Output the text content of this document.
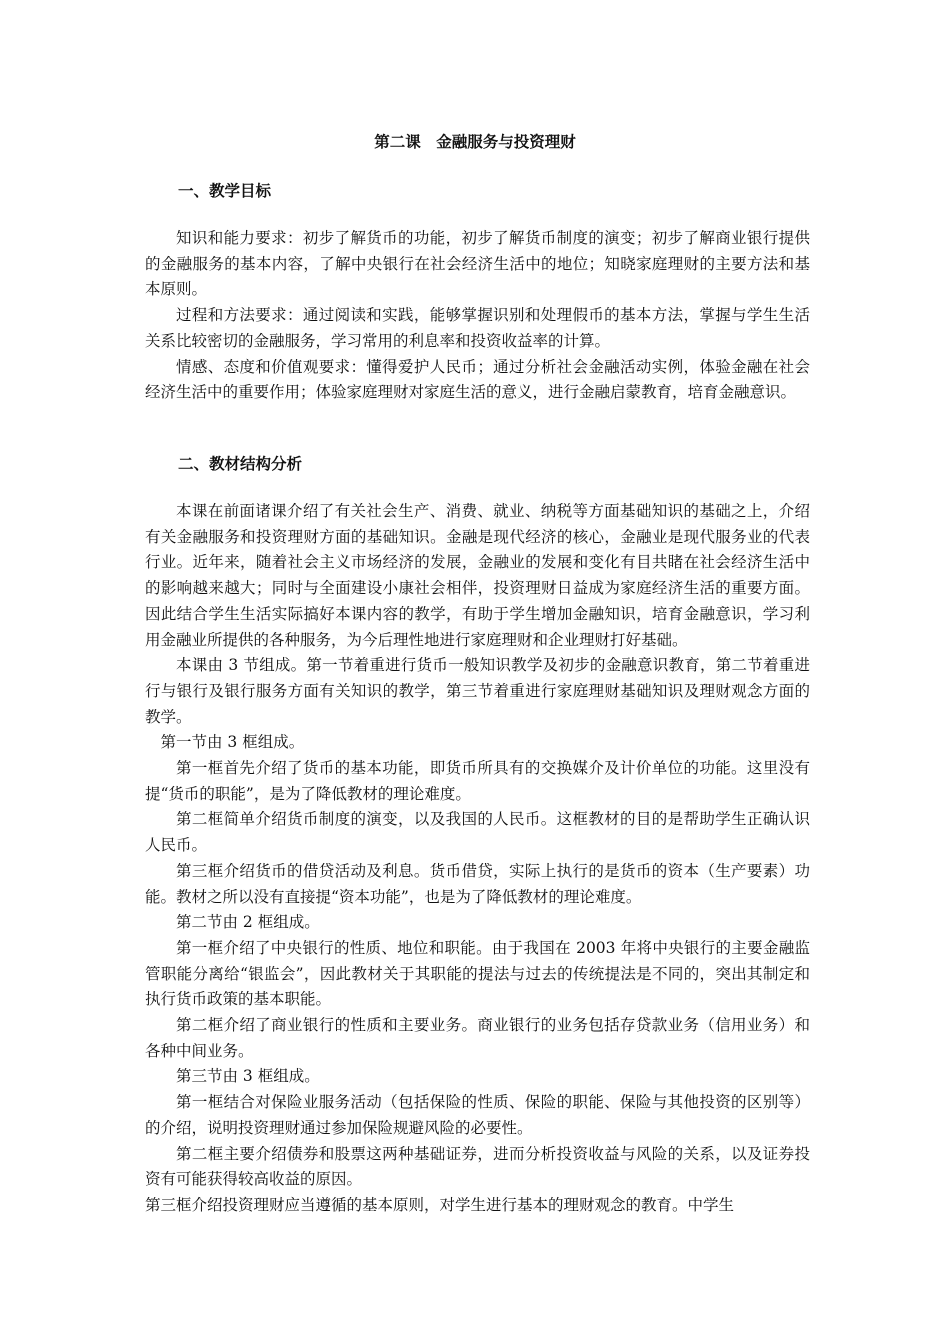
第二课　金融服务与投资理财
一、教学目标

知识和能力要求：初步了解货币的功能，初步了解货币制度的演变；初步了解商业银行提供的金融服务的基本内容，了解中央银行在社会经济生活中的地位；知晓家庭理财的主要方法和基本原则。

过程和方法要求：通过阅读和实践，能够掌握识别和处理假币的基本方法，掌握与学生生活关系比较密切的金融服务，学习常用的利息率和投资收益率的计算。

情感、态度和价值观要求：懂得爱护人民币；通过分析社会金融活动实例，体验金融在社会经济生活中的重要作用；体验家庭理财对家庭生活的意义，进行金融启蒙教育，培育金融意识。

二、教材结构分析

本课在前面诸课介绍了有关社会生产、消费、就业、纳税等方面基础知识的基础之上，介绍有关金融服务和投资理财方面的基础知识。金融是现代经济的核心，金融业是现代服务业的代表行业。近年来，随着社会主义市场经济的发展，金融业的发展和变化有目共睹在社会经济生活中的影响越来越大；同时与全面建设小康社会相伴，投资理财日益成为家庭经济生活的重要方面。因此结合学生生活实际搞好本课内容的教学，有助于学生增加金融知识，培育金融意识，学习利用金融业所提供的各种服务，为今后理性地进行家庭理财和企业理财打好基础。

本课由 3 节组成。第一节着重进行货币一般知识教学及初步的金融意识教育，第二节着重进行与银行及银行服务方面有关知识的教学，第三节着重进行家庭理财基础知识及理财观念方面的教学。

第一节由 3 框组成。

第一框首先介绍了货币的基本功能，即货币所具有的交换媒介及计价单位的功能。这里没有提“货币的职能”，是为了降低教材的理论难度。

第二框简单介绍货币制度的演变，以及我国的人民币。这框教材的目的是帮助学生正确认识人民币。

第三框介绍货币的借贷活动及利息。货币借贷，实际上执行的是货币的资本（生产要素）功能。教材之所以没有直接提“资本功能”，也是为了降低教材的理论难度。

第二节由 2 框组成。

第一框介绍了中央银行的性质、地位和职能。由于我国在 2003 年将中央银行的主要金融监管职能分离给“银监会”，因此教材关于其职能的提法与过去的传统提法是不同的，突出其制定和执行货币政策的基本职能。

第二框介绍了商业银行的性质和主要业务。商业银行的业务包括存贷款业务（信用业务）和各种中间业务。

第三节由 3 框组成。

第一框结合对保险业服务活动（包括保险的性质、保险的职能、保险与其他投资的区别等）的介绍，说明投资理财通过参加保险规避风险的必要性。

第二框主要介绍债券和股票这两种基础证券，进而分析投资收益与风险的关系，以及证券投资有可能获得较高收益的原因。

第三框介绍投资理财应当遵循的基本原则，对学生进行基本的理财观念的教育。中学生
